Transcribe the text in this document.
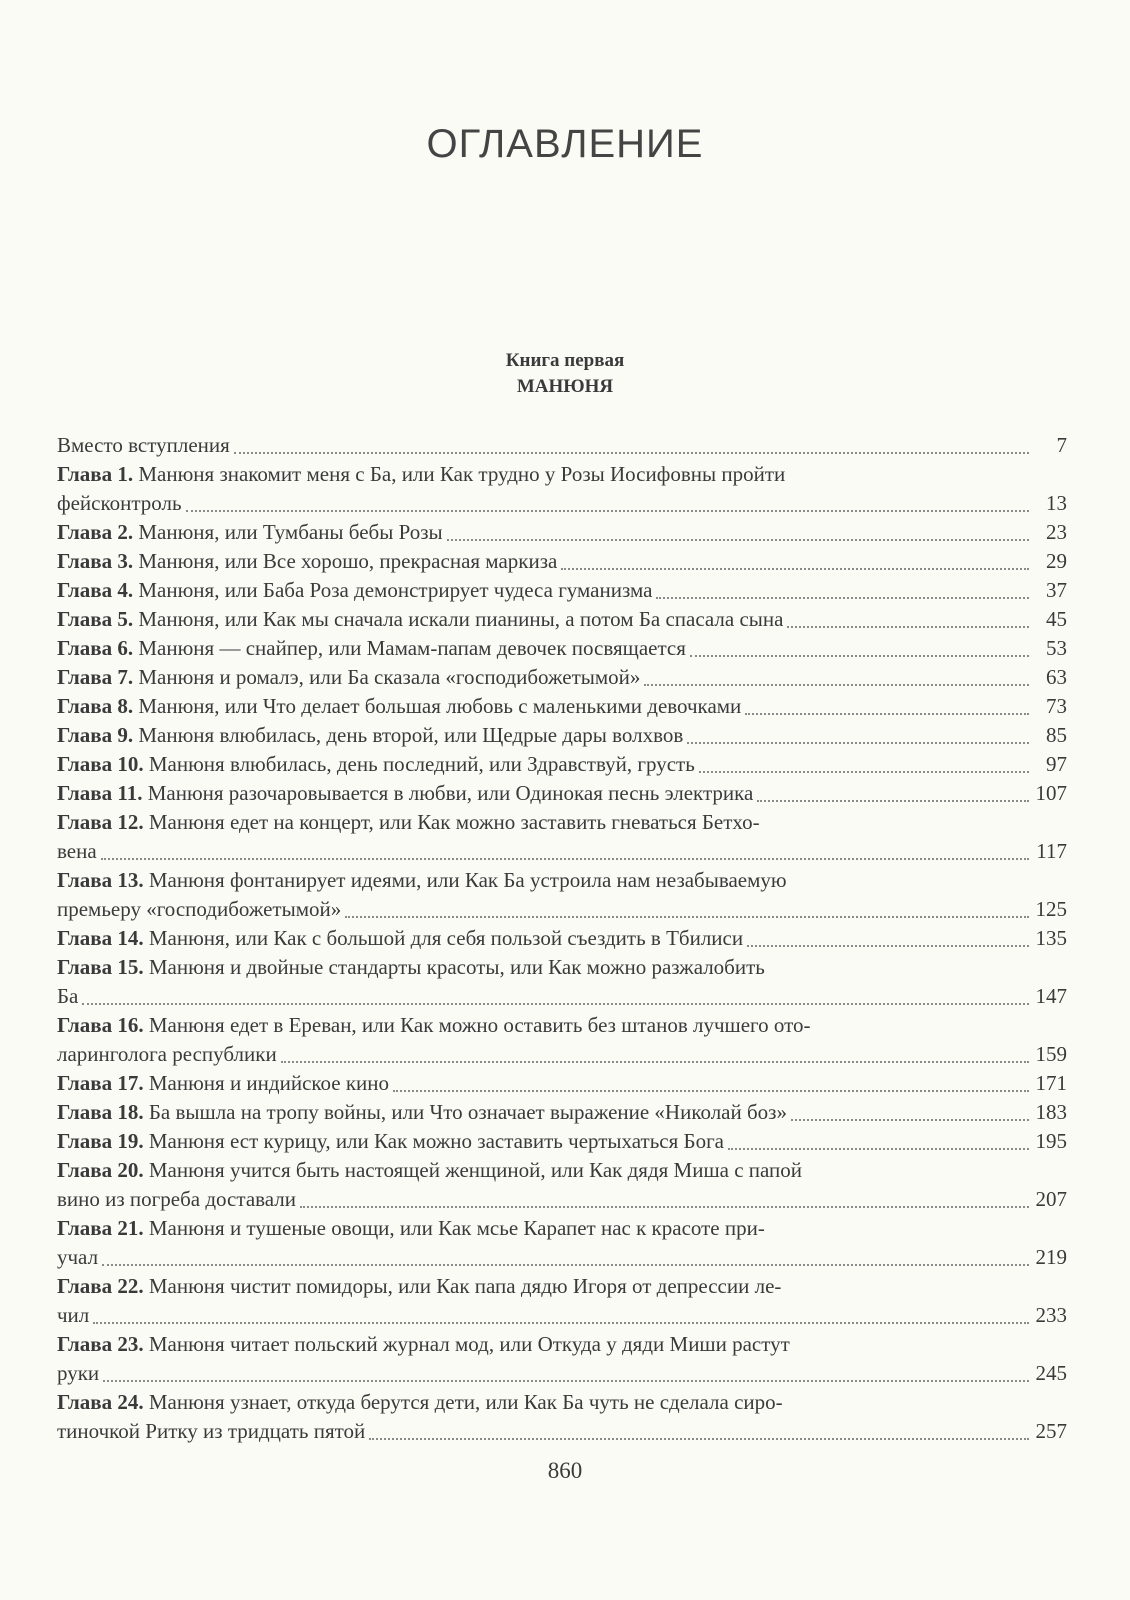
ОГЛАВЛЕНИЕ
Книга первая
МАНЮНЯ
Вместо вступления	7
Глава 1. Манюня знакомит меня с Ба, или Как трудно у Розы Иосифовны пройти
фейсконтроль	13
Глава 2. Манюня, или Тумбаны бебы Розы	23
Глава 3. Манюня, или Все хорошо, прекрасная маркиза	29
Глава 4. Манюня, или Баба Роза демонстрирует чудеса гуманизма	37
Глава 5. Манюня, или Как мы сначала искали пианины, а потом Ба спасала сына	45
Глава 6. Манюня — снайпер, или Мамам-папам девочек посвящается	53
Глава 7. Манюня и ромалэ, или Ба сказала «господибожетымой»	63
Глава 8. Манюня, или Что делает большая любовь с маленькими девочками	73
Глава 9. Манюня влюбилась, день второй, или Щедрые дары волхвов	85
Глава 10. Манюня влюбилась, день последний, или Здравствуй, грусть	97
Глава 11. Манюня разочаровывается в любви, или Одинокая песнь электрика	107
Глава 12. Манюня едет на концерт, или Как можно заставить гневаться Бетхо-
вена	117
Глава 13. Манюня фонтанирует идеями, или Как Ба устроила нам незабываемую
премьеру «господибожетымой»	125
Глава 14. Манюня, или Как с большой для себя пользой съездить в Тбилиси	135
Глава 15. Манюня и двойные стандарты красоты, или Как можно разжалобить
Ба	147
Глава 16. Манюня едет в Ереван, или Как можно оставить без штанов лучшего ото-
ларинголога республики	159
Глава 17. Манюня и индийское кино	171
Глава 18. Ба вышла на тропу войны, или Что означает выражение «Николай боз»	183
Глава 19. Манюня ест курицу, или Как можно заставить чертыхаться Бога	195
Глава 20. Манюня учится быть настоящей женщиной, или Как дядя Миша с папой
вино из погреба доставали	207
Глава 21. Манюня и тушеные овощи, или Как мсье Карапет нас к красоте при-
учал	219
Глава 22. Манюня чистит помидоры, или Как папа дядю Игоря от депрессии ле-
чил	233
Глава 23. Манюня читает польский журнал мод, или Откуда у дяди Миши растут
руки	245
Глава 24. Манюня узнает, откуда берутся дети, или Как Ба чуть не сделала сиро-
тиночкой Ритку из тридцать пятой	257
860
